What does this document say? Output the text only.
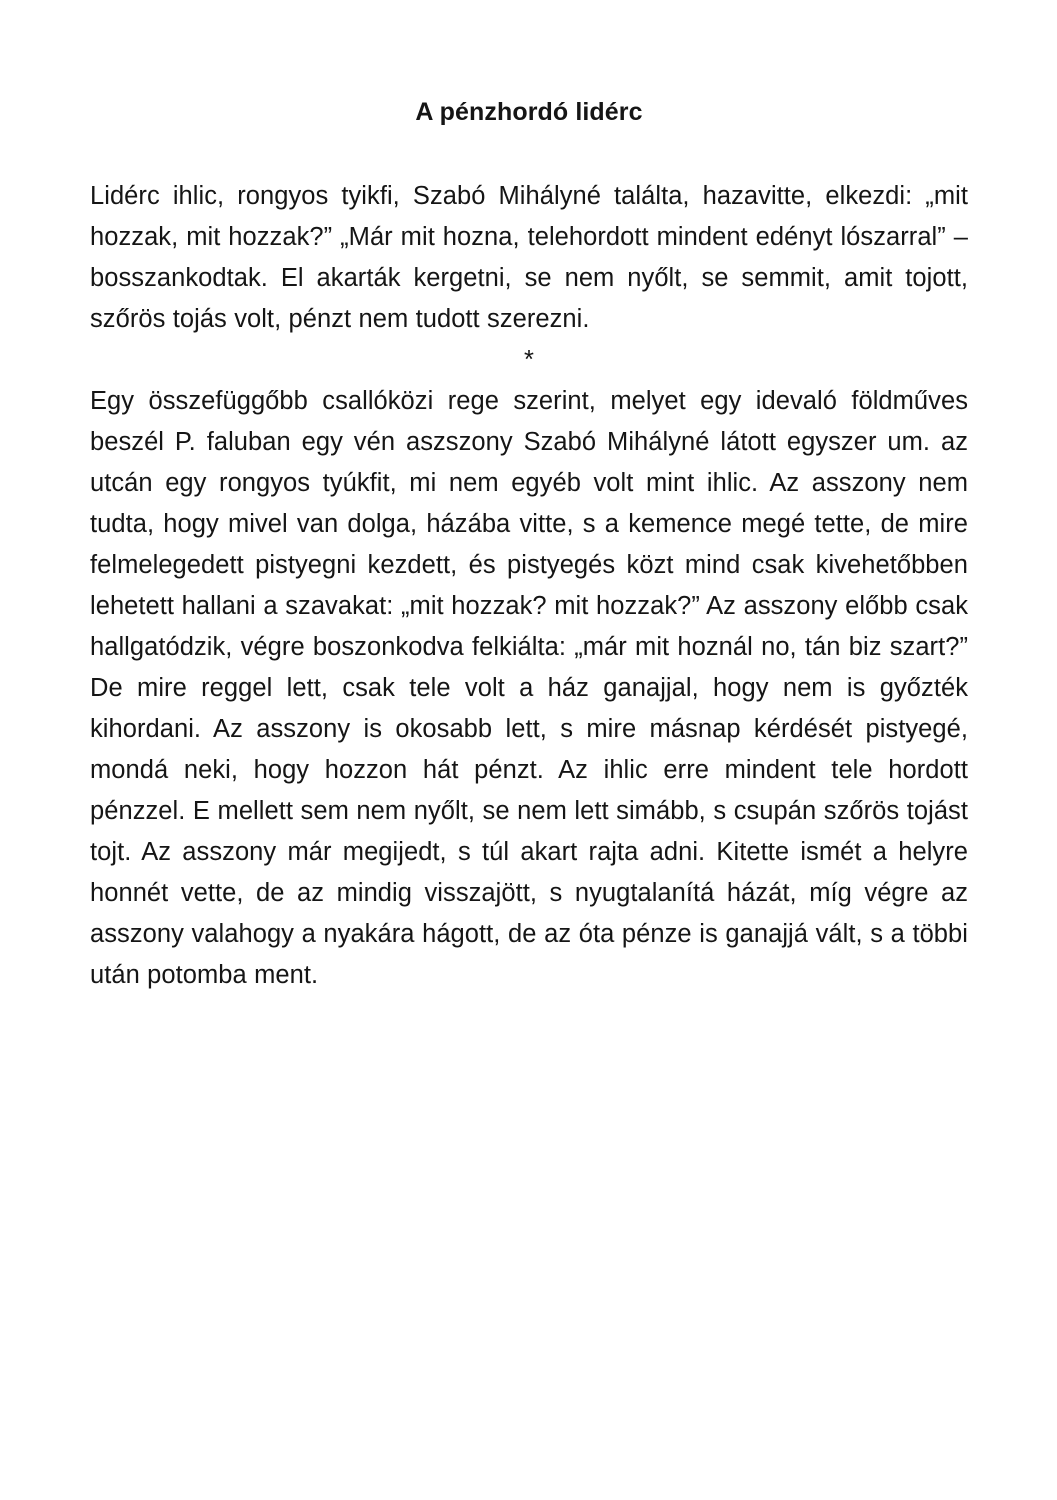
A pénzhordó lidérc

Lidérc ihlic, rongyos tyikfi, Szabó Mihályné találta, hazavitte, elkezdi: „mit hozzak, mit hozzak?” „Már mit hozna, telehordott mindent edényt lószarral” – bosszankodtak. El akarták kergetni, se nem nyőlt, se semmit, amit tojott, szőrös tojás volt, pénzt nem tudott szerezni.

*

Egy összefüggőbb csallóközi rege szerint, melyet egy idevaló földműves beszél P. faluban egy vén aszszony Szabó Mihályné látott egyszer um. az utcán egy rongyos tyúkfit, mi nem egyéb volt mint ihlic. Az asszony nem tudta, hogy mivel van dolga, házába vitte, s a kemence megé tette, de mire felmelegedett pistyegni kezdett, és pistyegés közt mind csak kivehetőbben lehetett hallani a szavakat: „mit hozzak? mit hozzak?” Az asszony előbb csak hallgatódzik, végre boszonkodva felkiálta: „már mit hoznál no, tán biz szart?” De mire reggel lett, csak tele volt a ház ganajjal, hogy nem is győzték kihordani. Az asszony is okosabb lett, s mire másnap kérdését pistyegé, mondá neki, hogy hozzon hát pénzt. Az ihlic erre mindent tele hordott pénzzel. E mellett sem nem nyőlt, se nem lett simább, s csupán szőrös tojást tojt. Az asszony már megijedt, s túl akart rajta adni. Kitette ismét a helyre honnét vette, de az mindig visszajött, s nyugtalanítá házát, míg végre az asszony valahogy a nyakára hágott, de az óta pénze is ganajjá vált, s a többi után potomba ment.
